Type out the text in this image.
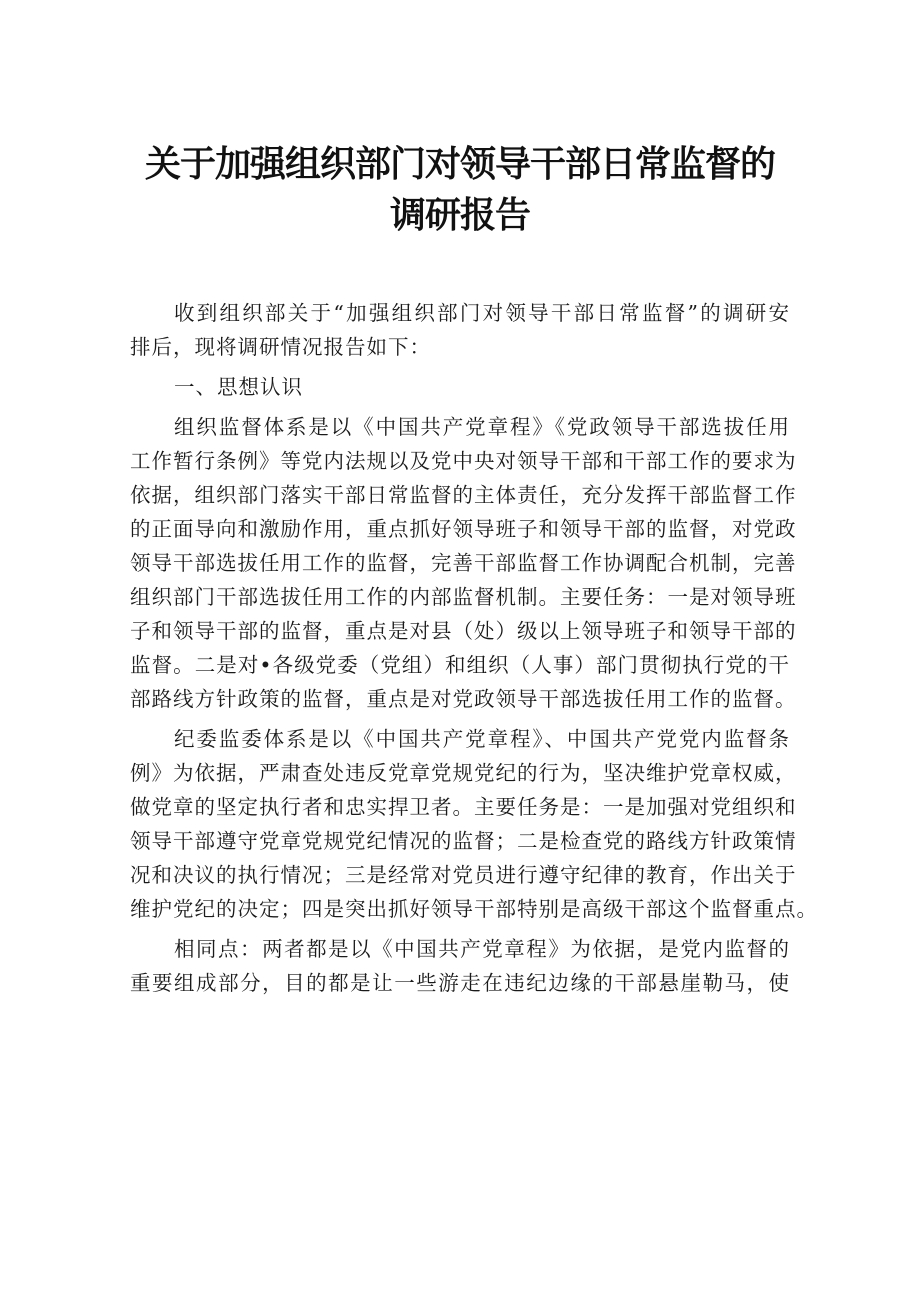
关于加强组织部门对领导干部日常监督的
调研报告
收到组织部关于“加强组织部门对领导干部日常监督”的调研安
排后，现将调研情况报告如下：
一、思想认识
组织监督体系是以《中国共产党章程》《党政领导干部选拔任用
工作暂行条例》等党内法规以及党中央对领导干部和干部工作的要求为
依据，组织部门落实干部日常监督的主体责任，充分发挥干部监督工作
的正面导向和激励作用，重点抓好领导班子和领导干部的监督，对党政
领导干部选拔任用工作的监督，完善干部监督工作协调配合机制，完善
组织部门干部选拔任用工作的内部监督机制。主要任务：一是对领导班
子和领导干部的监督，重点是对县（处）级以上领导班子和领导干部的
监督。二是对•各级党委（党组）和组织（人事）部门贯彻执行党的干
部路线方针政策的监督，重点是对党政领导干部选拔任用工作的监督。
纪委监委体系是以《中国共产党章程》、中国共产党党内监督条
例》为依据，严肃查处违反党章党规党纪的行为，坚决维护党章权威，
做党章的坚定执行者和忠实捍卫者。主要任务是：一是加强对党组织和
领导干部遵守党章党规党纪情况的监督；二是检查党的路线方针政策情
况和决议的执行情况；三是经常对党员进行遵守纪律的教育，作出关于
维护党纪的决定；四是突出抓好领导干部特别是高级干部这个监督重点。
相同点：两者都是以《中国共产党章程》为依据，是党内监督的
重要组成部分，目的都是让一些游走在违纪边缘的干部悬崖勒马，使
